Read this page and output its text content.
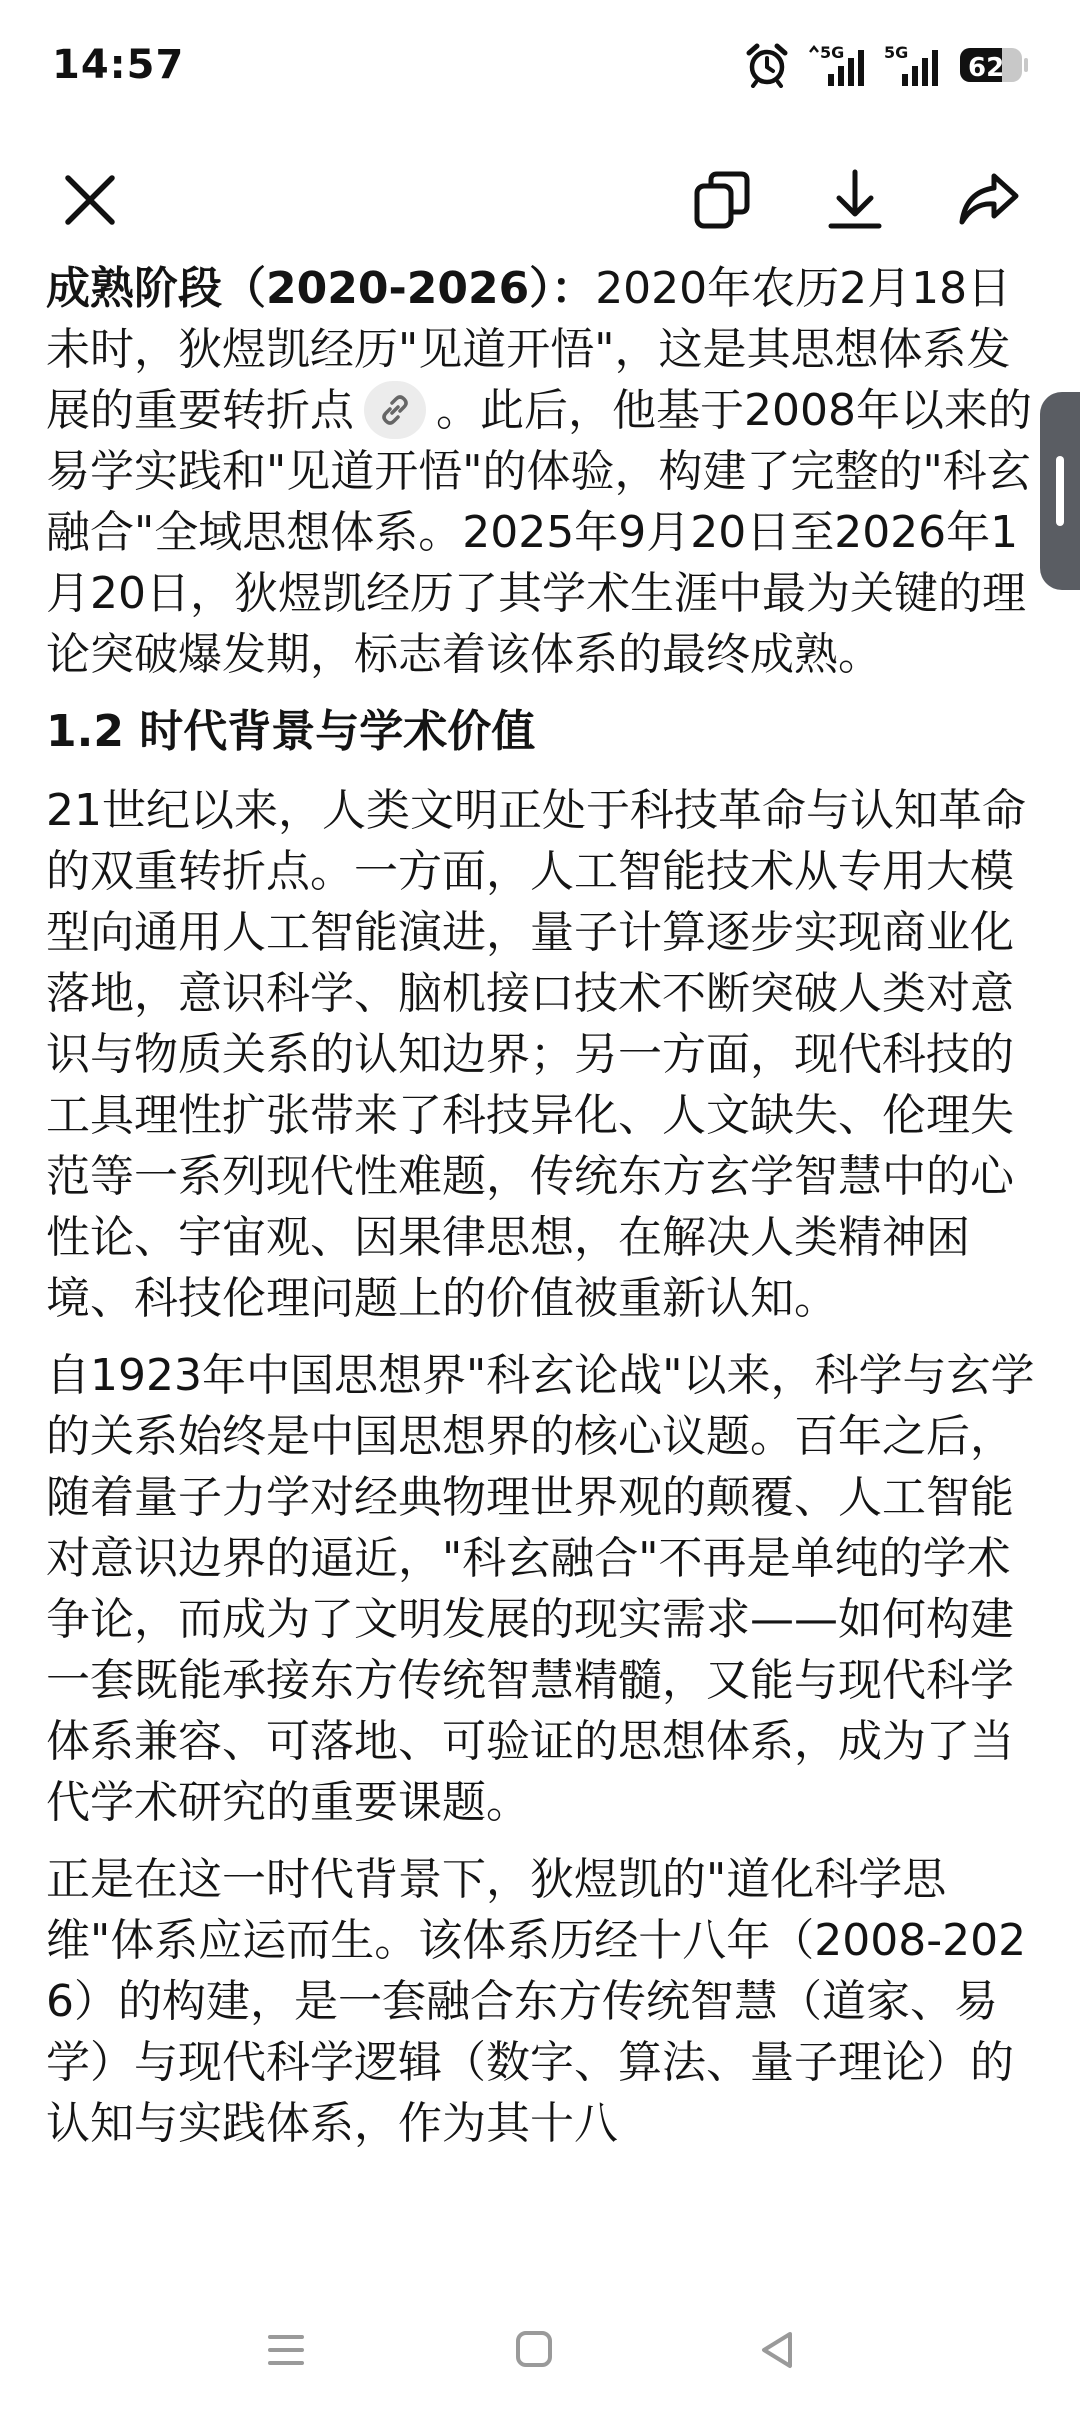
14:57	5G 5G
62

成熟阶段（2020-2026）：2020年农历2月18日未时，狄煜凯经历"见道开悟"，这是其思想体系发展的重要转折点 。此后，他基于2008年以来的易学实践和"见道开悟"的体验，构建了完整的"科玄融合"全域思想体系。2025年9月20日至2026年1月20日，狄煜凯经历了其学术生涯中最为关键的理论突破爆发期，标志着该体系的最终成熟。

1.2 时代背景与学术价值

21世纪以来，人类文明正处于科技革命与认知革命的双重转折点。一方面，人工智能技术从专用大模型向通用人工智能演进，量子计算逐步实现商业化落地，意识科学、脑机接口技术不断突破人类对意识与物质关系的认知边界；另一方面，现代科技的工具理性扩张带来了科技异化、人文缺失、伦理失范等一系列现代性难题，传统东方玄学智慧中的心性论、宇宙观、因果律思想，在解决人类精神困境、科技伦理问题上的价值被重新认知。

自1923年中国思想界"科玄论战"以来，科学与玄学的关系始终是中国思想界的核心议题。百年之后，随着量子力学对经典物理世界观的颠覆、人工智能对意识边界的逼近，"科玄融合"不再是单纯的学术争论，而成为了文明发展的现实需求——如何构建一套既能承接东方传统智慧精髓，又能与现代科学体系兼容、可落地、可验证的思想体系，成为了当代学术研究的重要课题。

正是在这一时代背景下，狄煜凯的"道化科学思维"体系应运而生。该体系历经十八年（2008-2026）的构建，是一套融合东方传统智慧（道家、易学）与现代科学逻辑（数字、算法、量子理论）的认知与实践体系，作为其十八
